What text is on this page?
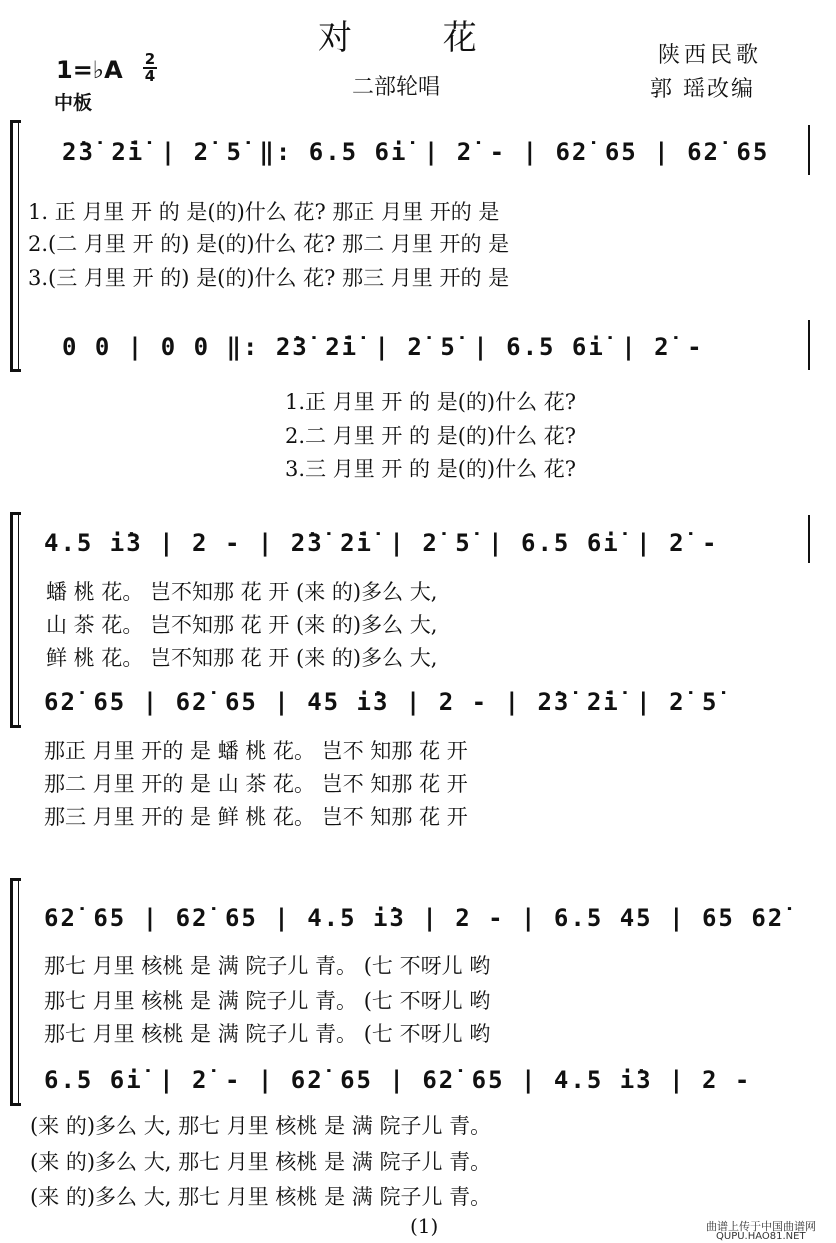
对 花
二部轮唱
陕西民歌
郭 瑶改编
1=♭A 2
4
中板
2̇3̇ 2̇i̇ | 2̇ 5̇ ‖: 6.5 6i̇ | 2̇ - | 62̇ 65 | 62̇ 65
1. 正 月里 开 的 是(的)什么 花? 那正 月里 开的 是
2.(二 月里 开 的) 是(的)什么 花? 那二 月里 开的 是
3.(三 月里 开 的) 是(的)什么 花? 那三 月里 开的 是
0 0 | 0 0 ‖: 2̇3̇ 2̇i̇ | 2̇ 5̇ | 6.5 6i̇ | 2̇ -
1.正 月里 开 的 是(的)什么 花?
2.二 月里 开 的 是(的)什么 花?
3.三 月里 开 的 是(的)什么 花?
4.5 i̇3 | 2 - | 2̇3̇ 2̇i̇ | 2̇ 5̇ | 6.5 6i̇ | 2̇ -
蟠 桃 花。 岂不知那 花 开 (来 的)多么 大,
山 茶 花。 岂不知那 花 开 (来 的)多么 大,
鲜 桃 花。 岂不知那 花 开 (来 的)多么 大,
62̇ 65 | 62̇ 65 | 45 i̇3 | 2 - | 2̇3̇ 2̇i̇ | 2̇ 5̇
那正 月里 开的 是 蟠 桃 花。 岂不 知那 花 开
那二 月里 开的 是 山 茶 花。 岂不 知那 花 开
那三 月里 开的 是 鲜 桃 花。 岂不 知那 花 开
62̇ 65 | 62̇ 65 | 4.5 i̇3 | 2 - | 6.5 45 | 65 62̇
那七 月里 核桃 是 满 院子儿 青。 (七 不呀儿 哟
那七 月里 核桃 是 满 院子儿 青。 (七 不呀儿 哟
那七 月里 核桃 是 满 院子儿 青。 (七 不呀儿 哟
6.5 6i̇ | 2̇ - | 62̇ 65 | 62̇ 65 | 4.5 i̇3 | 2 -
(来 的)多么 大, 那七 月里 核桃 是 满 院子儿 青。
(来 的)多么 大, 那七 月里 核桃 是 满 院子儿 青。
(来 的)多么 大, 那七 月里 核桃 是 满 院子儿 青。
(1)	曲谱上传于中国曲谱网
QUPU.HAO81.NET
